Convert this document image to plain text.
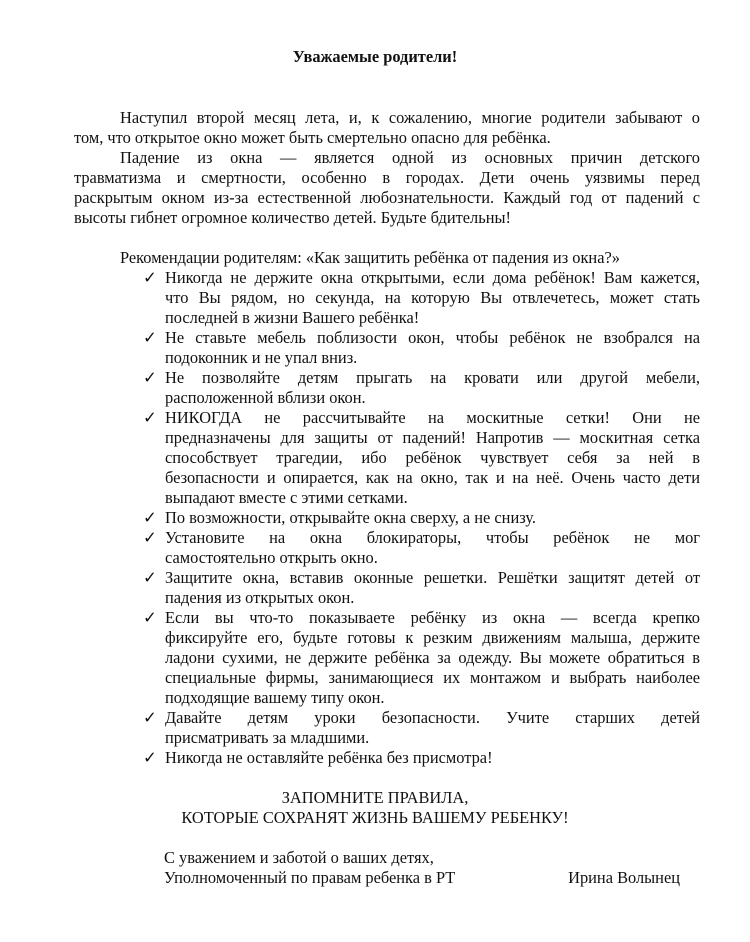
Уважаемые родители!
Наступил второй месяц лета, и, к сожалению, многие родители забывают о
том, что открытое окно может быть смертельно опасно для ребёнка.
Падение из окна — является одной из основных причин детского
травматизма и смертности, особенно в городах. Дети очень уязвимы перед
раскрытым окном из-за естественной любознательности. Каждый год от падений с
высоты гибнет огромное количество детей. Будьте бдительны!
Рекомендации родителям: «Как защитить ребёнка от падения из окна?»
✓ Никогда не держите окна открытыми, если дома ребёнок! Вам кажется,
что Вы рядом, но секунда, на которую Вы отвлечетесь, может стать
последней в жизни Вашего ребёнка!
✓ Не ставьте мебель поблизости окон, чтобы ребёнок не взобрался на
подоконник и не упал вниз.
✓ Не позволяйте детям прыгать на кровати или другой мебели,
расположенной вблизи окон.
✓ НИКОГДА не рассчитывайте на москитные сетки! Они не
предназначены для защиты от падений! Напротив — москитная сетка
способствует трагедии, ибо ребёнок чувствует себя за ней в
безопасности и опирается, как на окно, так и на неё. Очень часто дети
выпадают вместе с этими сетками.
✓ По возможности, открывайте окна сверху, а не снизу.
✓ Установите на окна блокираторы, чтобы ребёнок не мог
самостоятельно открыть окно.
✓ Защитите окна, вставив оконные решетки. Решётки защитят детей от
падения из открытых окон.
✓ Если вы что-то показываете ребёнку из окна — всегда крепко
фиксируйте его, будьте готовы к резким движениям малыша, держите
ладони сухими, не держите ребёнка за одежду. Вы можете обратиться в
специальные фирмы, занимающиеся их монтажом и выбрать наиболее
подходящие вашему типу окон.
✓ Давайте детям уроки безопасности. Учите старших детей
присматривать за младшими.
✓ Никогда не оставляйте ребёнка без присмотра!
ЗАПОМНИТЕ ПРАВИЛА,
КОТОРЫЕ СОХРАНЯТ ЖИЗНЬ ВАШЕМУ РЕБЕНКУ!
С уважением и заботой о ваших детях,
Уполномоченный по правам ребенка в РТ	Ирина Волынец
